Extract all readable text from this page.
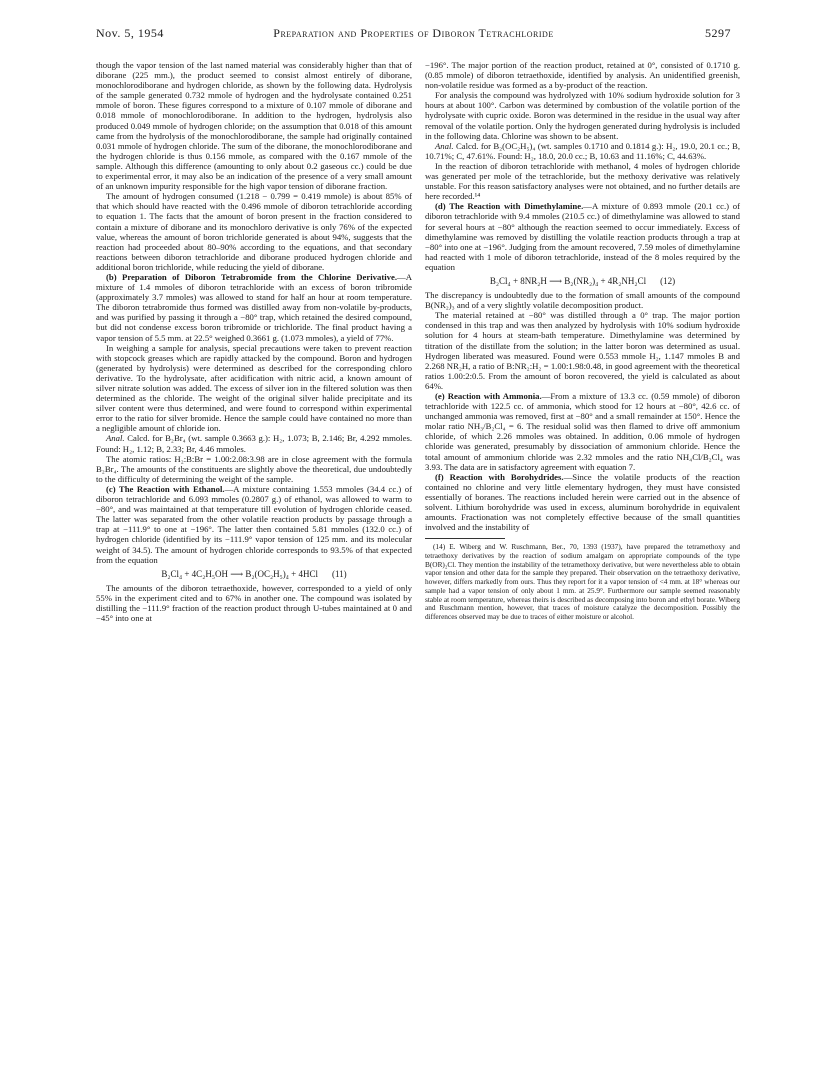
Nov. 5, 1954	Preparation and Properties of Diboron Tetrachloride	5297

though the vapor tension of the last named material was considerably higher than that of diborane (225 mm.), the product seemed to consist almost entirely of diborane, monochlorodiborane and hydrogen chloride, as shown by the following data. Hydrolysis of the sample generated 0.732 mmole of hydrogen and the hydrolysate contained 0.251 mmole of boron. These figures correspond to a mixture of 0.107 mmole of diborane and 0.018 mmole of monochlorodiborane. In addition to the hydrogen, hydrolysis also produced 0.049 mmole of hydrogen chloride; on the assumption that 0.018 of this amount came from the hydrolysis of the monochlorodiborane, the sample had originally contained 0.031 mmole of hydrogen chloride. The sum of the diborane, the monochlorodiborane and the hydrogen chloride is thus 0.156 mmole, as compared with the 0.167 mmole of the sample. Although this difference (amounting to only about 0.2 gaseous cc.) could be due to experimental error, it may also be an indication of the presence of a very small amount of an unknown impurity responsible for the high vapor tension of diborane fraction.

The amount of hydrogen consumed (1.218 − 0.799 = 0.419 mmole) is about 85% of that which should have reacted with the 0.496 mmole of diboron tetrachloride according to equation 1. The facts that the amount of boron present in the fraction considered to contain a mixture of diborane and its monochloro derivative is only 76% of the expected value, whereas the amount of boron trichloride generated is about 94%, suggests that the reaction had proceeded about 80–90% according to the equations, and that secondary reactions between diboron tetrachloride and diborane produced hydrogen chloride and additional boron trichloride, while reducing the yield of diborane.

(b) Preparation of Diboron Tetrabromide from the Chlorine Derivative.—A mixture of 1.4 mmoles of diboron tetrachloride with an excess of boron tribromide (approximately 3.7 mmoles) was allowed to stand for half an hour at room temperature. The diboron tetrabromide thus formed was distilled away from non-volatile by-products, and was purified by passing it through a −80° trap, which retained the desired compound, but did not condense excess boron tribromide or trichloride. The final product having a vapor tension of 5.5 mm. at 22.5° weighed 0.3661 g. (1.073 mmoles), a yield of 77%.

In weighing a sample for analysis, special precautions were taken to prevent reaction with stopcock greases which are rapidly attacked by the compound. Boron and hydrogen (generated by hydrolysis) were determined as described for the corresponding chloro derivative. To the hydrolysate, after acidification with nitric acid, a known amount of silver nitrate solution was added. The excess of silver ion in the filtered solution was then determined as the chloride. The weight of the original silver halide precipitate and its silver content were thus determined, and were found to correspond within experimental error to the ratio for silver bromide. Hence the sample could have contained no more than a negligible amount of chloride ion.

Anal. Calcd. for B₂Br₄ (wt. sample 0.3663 g.): H₂, 1.073; B, 2.146; Br, 4.292 mmoles. Found: H₂, 1.12; B, 2.33; Br, 4.46 mmoles.

The atomic ratios: H₂:B:Br = 1.00:2.08:3.98 are in close agreement with the formula B₂Br₄. The amounts of the constituents are slightly above the theoretical, due undoubtedly to the difficulty of determining the weight of the sample.

(c) The Reaction with Ethanol.—A mixture containing 1.553 mmoles (34.4 cc.) of diboron tetrachloride and 6.093 mmoles (0.2807 g.) of ethanol, was allowed to warm to −80°, and was maintained at that temperature till evolution of hydrogen chloride ceased. The latter was separated from the other volatile reaction products by passage through a trap at −111.9° to one at −196°. The latter then contained 5.81 mmoles (132.0 cc.) of hydrogen chloride (identified by its −111.9° vapor tension of 125 mm. and its molecular weight of 34.5). The amount of hydrogen chloride corresponds to 93.5% of that expected from the equation

B₂Cl₄ + 4C₂H₅OH ⟶ B₂(OC₂H₅)₄ + 4HCl (11)

The amounts of the diboron tetraethoxide, however, corresponded to a yield of only 55% in the experiment cited and to 67% in another one. The compound was isolated by distilling the −111.9° fraction of the reaction product through U-tubes maintained at 0 and −45° into one at

−196°. The major portion of the reaction product, retained at 0°, consisted of 0.1710 g. (0.85 mmole) of diboron tetraethoxide, identified by analysis. An unidentified greenish, non-volatile residue was formed as a by-product of the reaction.

For analysis the compound was hydrolyzed with 10% sodium hydroxide solution for 3 hours at about 100°. Carbon was determined by combustion of the volatile portion of the hydrolysate with cupric oxide. Boron was determined in the residue in the usual way after removal of the volatile portion. Only the hydrogen generated during hydrolysis is included in the following data. Chlorine was shown to be absent.

Anal. Calcd. for B₂(OC₂H₅)₄ (wt. samples 0.1710 and 0.1814 g.): H₂, 19.0, 20.1 cc.; B, 10.71%; C, 47.61%. Found: H₂, 18.0, 20.0 cc.; B, 10.63 and 11.16%; C, 44.63%.

In the reaction of diboron tetrachloride with methanol, 4 moles of hydrogen chloride was generated per mole of the tetrachloride, but the methoxy derivative was relatively unstable. For this reason satisfactory analyses were not obtained, and no further details are here recorded.¹⁴

(d) The Reaction with Dimethylamine.—A mixture of 0.893 mmole (20.1 cc.) of diboron tetrachloride with 9.4 mmoles (210.5 cc.) of dimethylamine was allowed to stand for several hours at −80° although the reaction seemed to occur immediately. Excess of dimethylamine was removed by distilling the volatile reaction products through a trap at −80° into one at −196°. Judging from the amount recovered, 7.59 moles of dimethylamine had reacted with 1 mole of diboron tetrachloride, instead of the 8 moles required by the equation

B₂Cl₄ + 8NR₂H ⟶ B₂(NR₂)₄ + 4R₂NH₂Cl (12)

The discrepancy is undoubtedly due to the formation of small amounts of the compound B(NR₂)₃ and of a very slightly volatile decomposition product.

The material retained at −80° was distilled through a 0° trap. The major portion condensed in this trap and was then analyzed by hydrolysis with 10% sodium hydroxide solution for 4 hours at steam-bath temperature. Dimethylamine was determined by titration of the distillate from the solution; in the latter boron was determined as usual. Hydrogen liberated was measured. Found were 0.553 mmole H₂, 1.147 mmoles B and 2.268 NR₂H, a ratio of B:NR₂:H₂ = 1.00:1.98:0.48, in good agreement with the theoretical ratios 1.00:2:0.5. From the amount of boron recovered, the yield is calculated as about 64%.

(e) Reaction with Ammonia.—From a mixture of 13.3 cc. (0.59 mmole) of diboron tetrachloride with 122.5 cc. of ammonia, which stood for 12 hours at −80°, 42.6 cc. of unchanged ammonia was removed, first at −80° and a small remainder at 150°. Hence the molar ratio NH₃/B₂Cl₄ = 6. The residual solid was then flamed to drive off ammonium chloride, of which 2.26 mmoles was obtained. In addition, 0.06 mmole of hydrogen chloride was generated, presumably by dissociation of ammonium chloride. Hence the total amount of ammonium chloride was 2.32 mmoles and the ratio NH₄Cl/B₂Cl₄ was 3.93. The data are in satisfactory agreement with equation 7.

(f) Reaction with Borohydrides.—Since the volatile products of the reaction contained no chlorine and very little elementary hydrogen, they must have consisted essentially of boranes. The reactions included herein were carried out in the absence of solvent. Lithium borohydride was used in excess, aluminum borohydride in equivalent amounts. Fractionation was not completely effective because of the small quantities involved and the instability of

(14) E. Wiberg and W. Ruschmann, Ber., 70, 1393 (1937), have prepared the tetramethoxy and tetraethoxy derivatives by the reaction of sodium amalgam on appropriate compounds of the type B(OR)₂Cl. They mention the instability of the tetramethoxy derivative, but were nevertheless able to obtain vapor tension and other data for the sample they prepared. Their observation on the tetraethoxy derivative, however, differs markedly from ours. Thus they report for it a vapor tension of <4 mm. at 18° whereas our sample had a vapor tension of only about 1 mm. at 25.9°. Furthermore our sample seemed reasonably stable at room temperature, whereas theirs is described as decomposing into boron and ethyl borate. Wiberg and Ruschmann mention, however, that traces of moisture catalyze the decomposition. Possibly the differences observed may be due to traces of either moisture or alcohol.
